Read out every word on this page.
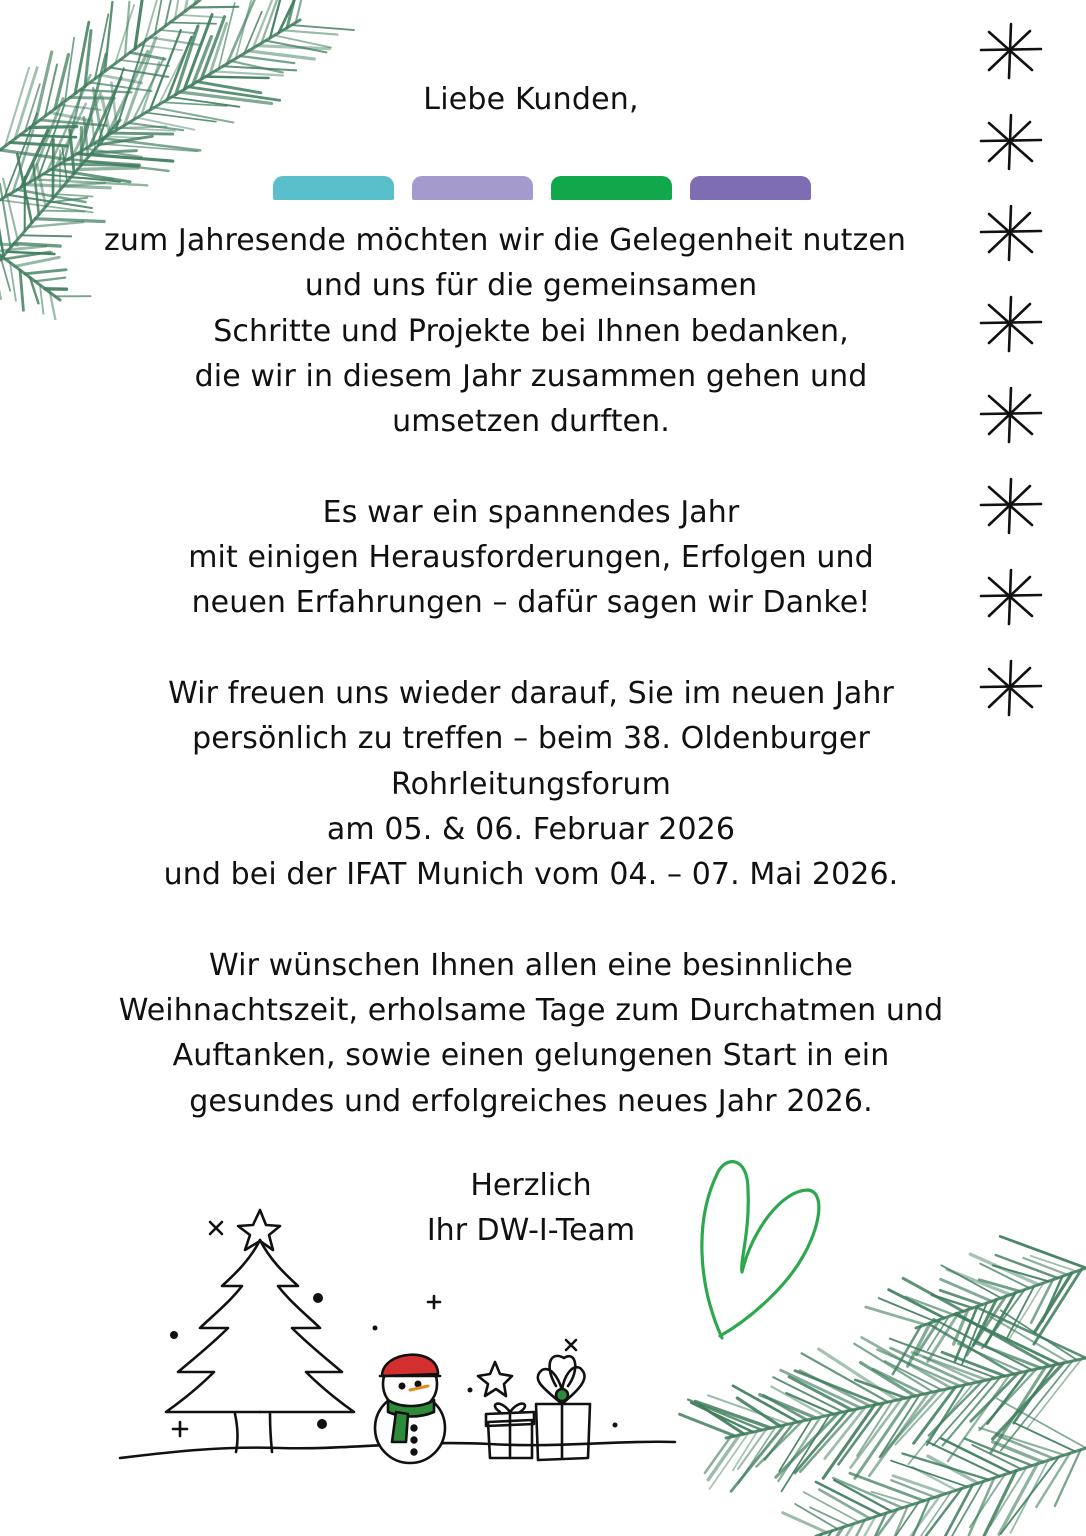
Liebe Kunden,

zum Jahresende möchten wir die Gelegenheit nutzen
und uns für die gemeinsamen
Schritte und Projekte bei Ihnen bedanken,
die wir in diesem Jahr zusammen gehen und
umsetzen durften.

Es war ein spannendes Jahr
mit einigen Herausforderungen, Erfolgen und
neuen Erfahrungen – dafür sagen wir Danke!

Wir freuen uns wieder darauf, Sie im neuen Jahr
persönlich zu treffen – beim 38. Oldenburger
Rohrleitungsforum
am 05. & 06. Februar 2026
und bei der IFAT Munich vom 04. – 07. Mai 2026.

Wir wünschen Ihnen allen eine besinnliche
Weihnachtszeit, erholsame Tage zum Durchatmen und
Auftanken, sowie einen gelungenen Start in ein
gesundes und erfolgreiches neues Jahr 2026.

Herzlich
Ihr DW-I-Team
